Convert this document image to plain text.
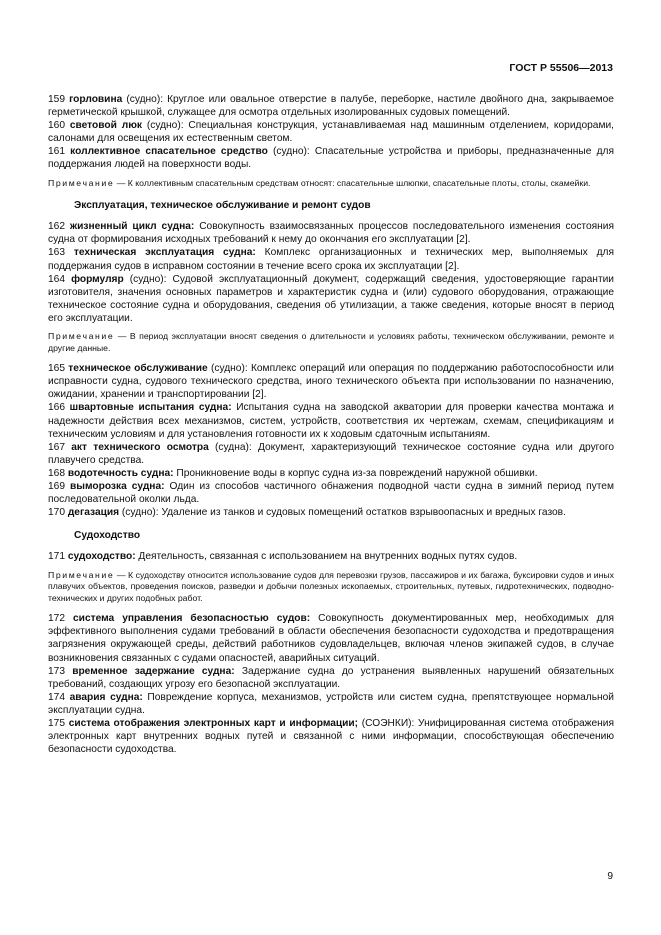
ГОСТ Р 55506—2013
159 горловина (судно): Круглое или овальное отверстие в палубе, переборке, настиле двойного дна, закрываемое герметической крышкой, служащее для осмотра отдельных изолированных судовых помещений.
160 световой люк (судно): Специальная конструкция, устанавливаемая над машинным отделением, коридорами, салонами для освещения их естественным светом.
161 коллективное спасательное средство (судно): Спасательные устройства и приборы, предназначенные для поддержания людей на поверхности воды.
Примечание — К коллективным спасательным средствам относят: спасательные шлюпки, спасательные плоты, столы, скамейки.
Эксплуатация, техническое обслуживание и ремонт судов
162 жизненный цикл судна: Совокупность взаимосвязанных процессов последовательного изменения состояния судна от формирования исходных требований к нему до окончания его эксплуатации [2].
163 техническая эксплуатация судна: Комплекс организационных и технических мер, выполняемых для поддержания судов в исправном состоянии в течение всего срока их эксплуатации [2].
164 формуляр (судно): Судовой эксплуатационный документ, содержащий сведения, удостоверяющие гарантии изготовителя, значения основных параметров и характеристик судна и (или) судового оборудования, отражающие техническое состояние судна и оборудования, сведения об утилизации, а также сведения, которые вносят в период его эксплуатации.
Примечание — В период эксплуатации вносят сведения о длительности и условиях работы, техническом обслуживании, ремонте и другие данные.
165 техническое обслуживание (судно): Комплекс операций или операция по поддержанию работоспособности или исправности судна, судового технического средства, иного технического объекта при использовании по назначению, ожидании, хранении и транспортировании [2].
166 швартовные испытания судна: Испытания судна на заводской акватории для проверки качества монтажа и надежности действия всех механизмов, систем, устройств, соответствия их чертежам, схемам, спецификациям и техническим условиям и для установления готовности их к ходовым сдаточным испытаниям.
167 акт технического осмотра (судна): Документ, характеризующий техническое состояние судна или другого плавучего средства.
168 водотечность судна: Проникновение воды в корпус судна из-за повреждений наружной обшивки.
169 выморозка судна: Один из способов частичного обнажения подводной части судна в зимний период путем последовательной околки льда.
170 дегазация (судно): Удаление из танков и судовых помещений остатков взрывоопасных и вредных газов.
Судоходство
171 судоходство: Деятельность, связанная с использованием на внутренних водных путях судов.
Примечание — К судоходству относится использование судов для перевозки грузов, пассажиров и их багажа, буксировки судов и иных плавучих объектов, проведения поисков, разведки и добычи полезных ископаемых, строительных, путевых, гидротехнических, подводно-технических и других подобных работ.
172 система управления безопасностью судов: Совокупность документированных мер, необходимых для эффективного выполнения судами требований в области обеспечения безопасности судоходства и предотвращения загрязнения окружающей среды, действий работников судовладельцев, включая членов экипажей судов, в случае возникновения связанных с судами опасностей, аварийных ситуаций.
173 временное задержание судна: Задержание судна до устранения выявленных нарушений обязательных требований, создающих угрозу его безопасной эксплуатации.
174 авария судна: Повреждение корпуса, механизмов, устройств или систем судна, препятствующее нормальной эксплуатации судна.
175 система отображения электронных карт и информации; (СОЭНКИ): Унифицированная система отображения электронных карт внутренних водных путей и связанной с ними информации, способствующая обеспечению безопасности судоходства.
9
